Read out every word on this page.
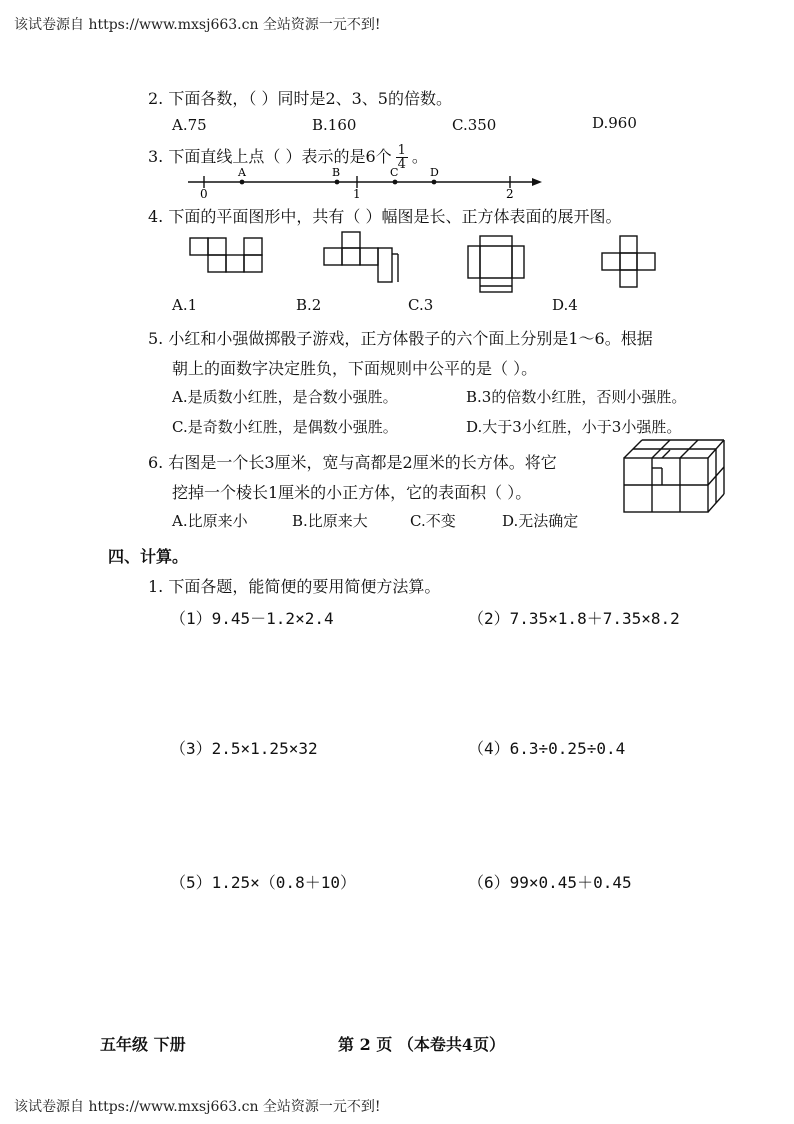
该试卷源自 https://www.mxsj663.cn 全站资源一元不到!
2. 下面各数，（ ）同时是2、3、5的倍数。
A.75	B.160	C.350	D.960
3. 下面直线上点（ ）表示的是6个 $\frac{1}{4}$ 。
A	B	C	D
0	1	2
4. 下面的平面图形中，共有（ ）幅图是长、正方体表面的展开图。
A.1	B.2	C.3	D.4
5. 小红和小强做掷骰子游戏，正方体骰子的六个面上分别是1～6。根据
朝上的面数字决定胜负，下面规则中公平的是（ ）。
A.是质数小红胜，是合数小强胜。	B.3的倍数小红胜，否则小强胜。
C.是奇数小红胜，是偶数小强胜。	D.大于3小红胜，小于3小强胜。
6. 右图是一个长3厘米，宽与高都是2厘米的长方体。将它
挖掉一个棱长1厘米的小正方体，它的表面积（ ）。
A.比原来小	B.比原来大	C.不变	D.无法确定
四、计算。
1. 下面各题，能简便的要用简便方法算。
（1）9.45－1.2×2.4	（2）7.35×1.8＋7.35×8.2
（3）2.5×1.25×32	（4）6.3÷0.25÷0.4
（5）1.25×（0.8＋10）	（6）99×0.45＋0.45
五年级 下册	第 2 页 （本卷共4页）
该试卷源自 https://www.mxsj663.cn 全站资源一元不到!
